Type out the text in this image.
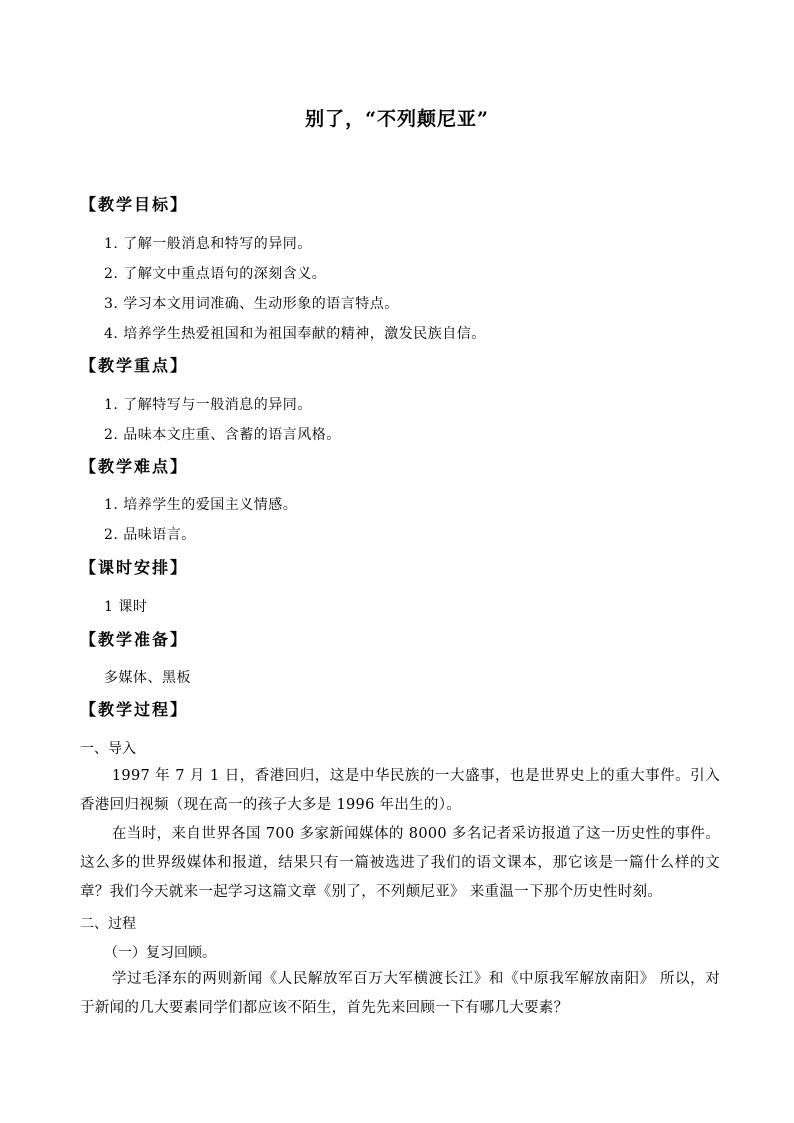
别了，“不列颠尼亚”
【教学目标】
1. 了解一般消息和特写的异同。
2. 了解文中重点语句的深刻含义。
3. 学习本文用词准确、生动形象的语言特点。
4. 培养学生热爱祖国和为祖国奉献的精神，激发民族自信。
【教学重点】
1. 了解特写与一般消息的异同。
2. 品味本文庄重、含蓄的语言风格。
【教学难点】
1. 培养学生的爱国主义情感。
2. 品味语言。
【课时安排】
1 课时
【教学准备】
多媒体、黑板
【教学过程】
一、导入
1997 年 7 月 1 日，香港回归，这是中华民族的一大盛事，也是世界史上的重大事件。引入香港回归视频（现在高一的孩子大多是 1996 年出生的）。
在当时，来自世界各国 700 多家新闻媒体的 8000 多名记者采访报道了这一历史性的事件。这么多的世界级媒体和报道，结果只有一篇被选进了我们的语文课本，那它该是一篇什么样的文章？我们今天就来一起学习这篇文章《别了，不列颠尼亚》 来重温一下那个历史性时刻。
二、过程
（一）复习回顾。
学过毛泽东的两则新闻《人民解放军百万大军横渡长江》和《中原我军解放南阳》 所以，对于新闻的几大要素同学们都应该不陌生，首先先来回顾一下有哪几大要素？
